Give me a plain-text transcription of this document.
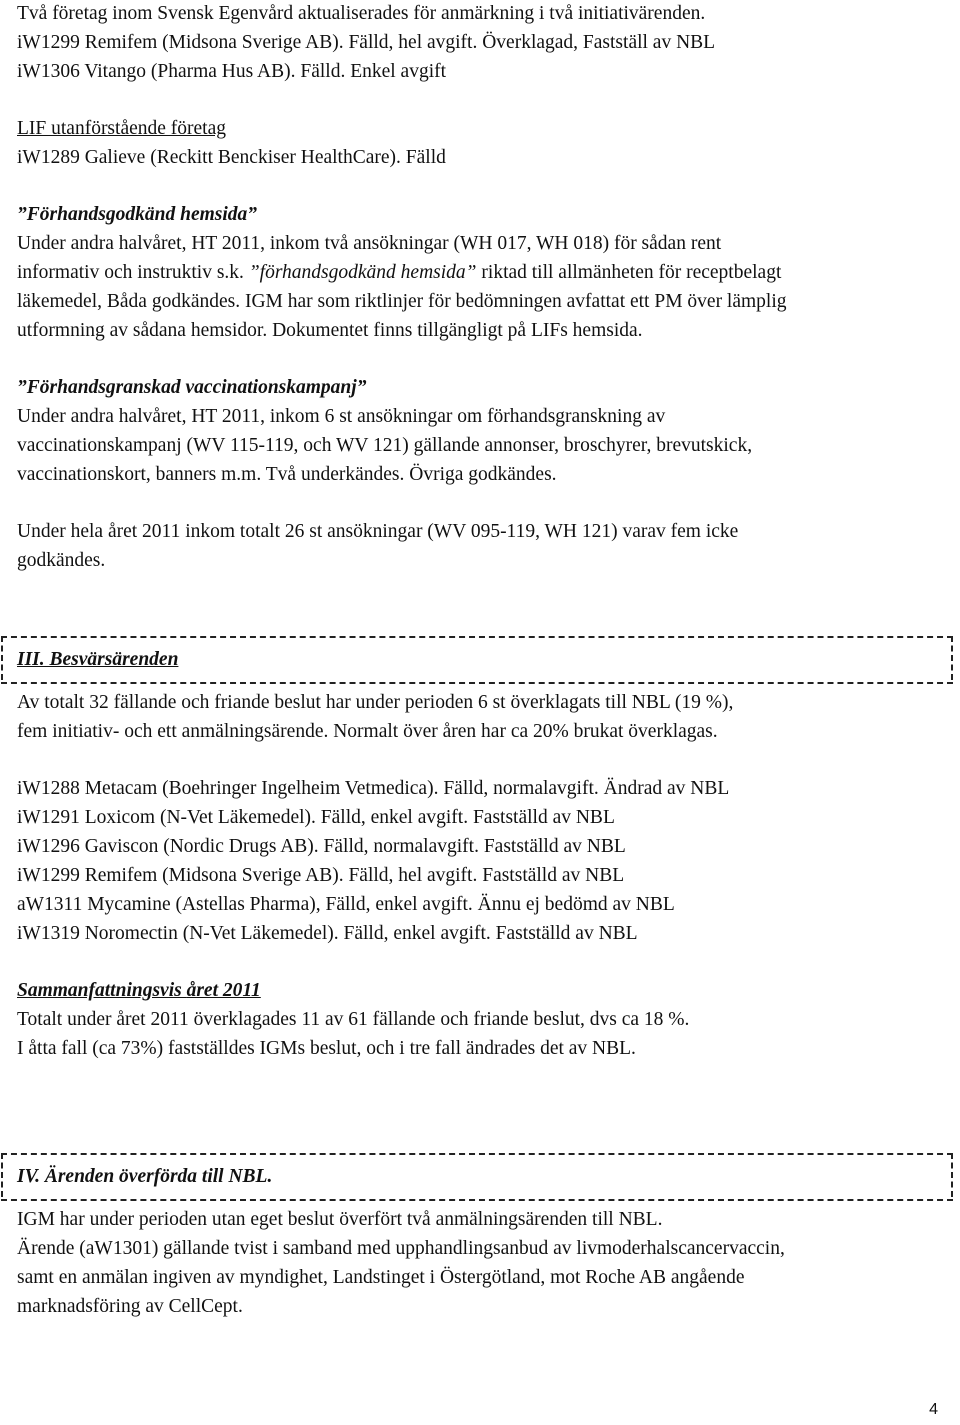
Två företag inom Svensk Egenvård aktualiserades för anmärkning i två initiativärenden.
iW1299 Remifem (Midsona Sverige AB). Fälld, hel avgift. Överklagad, Fastställ av NBL
iW1306 Vitango (Pharma Hus AB). Fälld. Enkel avgift
LIF utanförstående företag
iW1289 Galieve (Reckitt Benckiser HealthCare). Fälld
”Förhandsgodkänd hemsida”
Under andra halvåret, HT 2011, inkom två ansökningar (WH 017, WH 018) för sådan rent
informativ och instruktiv s.k. ”förhandsgodkänd hemsida” riktad till allmänheten för receptbelagt
läkemedel, Båda godkändes. IGM har som riktlinjer för bedömningen avfattat ett PM över lämplig
utformning av sådana hemsidor. Dokumentet finns tillgängligt på LIFs hemsida.
”Förhandsgranskad vaccinationskampanj”
Under andra halvåret, HT 2011, inkom 6 st ansökningar om förhandsgranskning av
vaccinationskampanj (WV 115-119, och WV 121) gällande annonser, broschyrer, brevutskick,
vaccinationskort, banners m.m. Två underkändes. Övriga godkändes.
Under hela året 2011 inkom totalt 26 st ansökningar (WV 095-119, WH 121) varav fem icke
godkändes.
III. Besvärsärenden
Av totalt 32 fällande och friande beslut har under perioden 6 st överklagats till NBL (19 %),
fem initiativ- och ett anmälningsärende. Normalt över åren har ca 20% brukat överklagas.
iW1288 Metacam (Boehringer Ingelheim Vetmedica). Fälld, normalavgift. Ändrad av NBL
iW1291 Loxicom (N-Vet Läkemedel). Fälld, enkel avgift. Fastställd av NBL
iW1296 Gaviscon (Nordic Drugs AB). Fälld, normalavgift. Fastställd av NBL
iW1299 Remifem (Midsona Sverige AB). Fälld, hel avgift. Fastställd av NBL
aW1311 Mycamine (Astellas Pharma), Fälld, enkel avgift. Ännu ej bedömd av NBL
iW1319 Noromectin (N-Vet Läkemedel). Fälld, enkel avgift. Fastställd av NBL
Sammanfattningsvis året 2011
Totalt under året 2011 överklagades 11 av 61 fällande och friande beslut, dvs ca 18 %.
I åtta fall (ca 73%) fastställdes IGMs beslut, och i tre fall ändrades det av NBL.
IV. Ärenden överförda till NBL.
IGM har under perioden utan eget beslut överfört två anmälningsärenden till NBL.
Ärende (aW1301) gällande tvist i samband med upphandlingsanbud av livmoderhalscancervaccin,
samt en anmälan ingiven av myndighet, Landstinget i Östergötland, mot Roche AB angående
marknadsföring av CellCept.
4
